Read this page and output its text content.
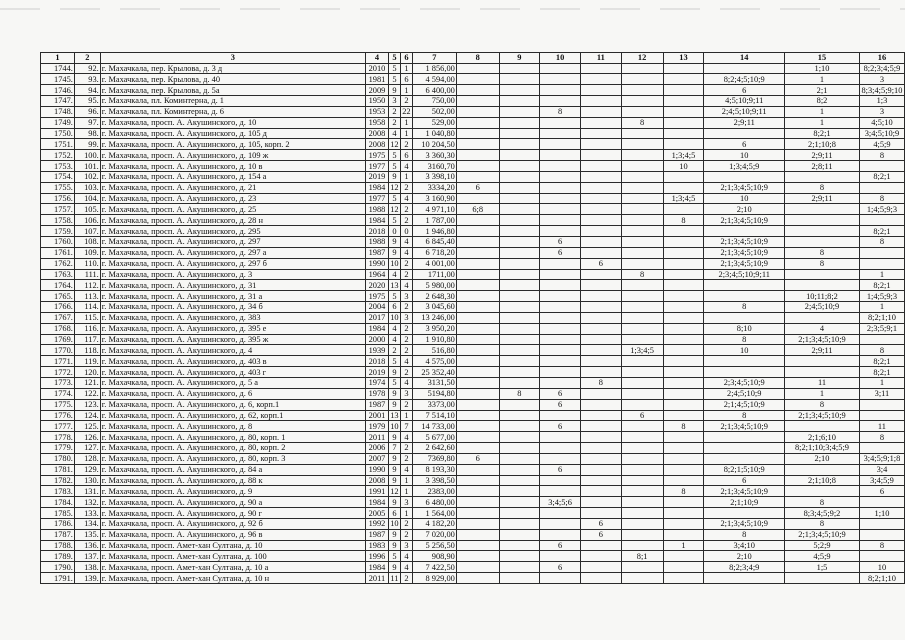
1	2	3	4	5	6	7	8	9	10	11	12	13	14	15	16
1744.	92.	г. Махачкала, пер. Крылова, д. 3 д	2010	5	1	1 856,00								1;10	8;2;3;4;5;9
1745.	93.	г. Махачкала, пер. Крылова, д. 40	1981	5	6	4 594,00							8;2;4;5;10;9	1	3
1746.	94.	г. Махачкала, пер. Крылова, д. 5а	2009	9	1	6 400,00							6	2;1	8;3;4;5;9;10
1747.	95.	г. Махачкала, пл. Коминтерна, д. 1	1950	3	2	750,00							4;5;10;9;11	8;2	1;3
1748.	96.	г. Махачкала, пл. Коминтерна, д. 6	1953	2	22	502,00			8				2;4;5;10;9;11	1	3
1749.	97.	г. Махачкала, просп. А. Акушинского, д. 10	1958	2	1	529,00					8		2;9;11	1	4;5;10
1750.	98.	г. Махачкала, просп. А. Акушинского, д. 105 д	2008	4	1	1 040,80								8;2;1	3;4;5;10;9
1751.	99.	г. Махачкала, просп. А. Акушинского, д. 105, корп. 2	2008	12	2	10 204,50							6	2;1;10;8	4;5;9
1752.	100.	г. Махачкала, просп. А. Акушинского, д. 109 ж	1975	5	6	3 360,30						1;3;4;5	10	2;9;11	8
1753.	101.	г. Махачкала, просп. А. Акушинского, д. 10 в	1977	5	4	3160,70						10	1;3;4;5;9	2;8;11	
1754.	102.	г. Махачкала, просп. А. Акушинского, д. 154 а	2019	9	1	3 398,10									8;2;1
1755.	103.	г. Махачкала, просп. А. Акушинского, д. 21	1984	12	2	3334,20	6						2;1;3;4;5;10;9	8	
1756.	104.	г. Махачкала, просп. А. Акушинского, д. 23	1977	5	4	3 160,90						1;3;4;5	10	2;9;11	8
1757.	105.	г. Махачкала, просп. А. Акушинского, д. 25	1988	12	2	4 971,10	6;8						2;10		1;4;5;9;3
1758.	106.	г. Махачкала, просп. А. Акушинского, д. 28 н	1984	5	2	1 787,00						8	2;1;3;4;5;10;9		
1759.	107.	г. Махачкала, просп. А. Акушинского, д. 295	2018	0	0	1 946,80									8;2;1
1760.	108.	г. Махачкала, просп. А. Акушинского, д. 297	1988	9	4	6 845,40			6				2;1;3;4;5;10;9		8
1761.	109.	г. Махачкала, просп. А. Акушинского, д. 297 а	1987	9	4	6 718,20			6				2;1;3;4;5;10;9	8	
1762.	110.	г. Махачкала, просп. А. Акушинского, д. 297 б	1990	10	2	4 001,00				6			2;1;3;4;5;10;9	8	
1763.	111.	г. Махачкала, просп. А. Акушинского, д. 3	1964	4	2	1711,00					8		2;3;4;5;10;9;11		1
1764.	112.	г. Махачкала, просп. А. Акушинского, д. 31	2020	13	4	5 980,00									8;2;1
1765.	113.	г. Махачкала, просп. А. Акушинского, д. 31 а	1975	5	3	2 648,30								10;11;8;2	1;4;5;9;3
1766.	114.	г. Махачкала, просп. А. Акушинского, д. 34 б	2004	6	2	3 045,60							8	2;4;5;10;9	1
1767.	115.	г. Махачкала, просп. А. Акушинского, д. 383	2017	10	3	13 246,00									8;2;1;10
1768.	116.	г. Махачкала, просп. А. Акушинского, д. 395 е	1984	4	2	3 950,20							8;10	4	2;3;5;9;1
1769.	117.	г. Махачкала, просп. А. Акушинского, д. 395 ж	2000	4	2	1 910,80							8	2;1;3;4;5;10;9	
1770.	118.	г. Махачкала, просп. А. Акушинского, д. 4	1939	2	2	516,80					1;3;4;5		10	2;9;11	8
1771.	119.	г. Махачкала, просп. А. Акушинского, д. 403 в	2018	5	4	4 575,00									8;2;1
1772.	120.	г. Махачкала, просп. А. Акушинского, д. 403 г	2019	9	2	25 352,40									8;2;1
1773.	121.	г. Махачкала, просп. А. Акушинского, д. 5 а	1974	5	4	3131,50				8			2;3;4;5;10;9	11	1
1774.	122.	г. Махачкала, просп. А. Акушинского, д. 6	1978	9	3	5194,80		8	6				2;4;5;10;9	1	3;11
1775.	123.	г. Махачкала, просп. А. Акушинского, д. 6, корп.1	1987	9	2	3373,00			6				2;1;4;5;10;9	8	
1776.	124.	г. Махачкала, просп. А. Акушинского, д. 62, корп.1	2001	13	1	7 514,10					6		8	2;1;3;4;5;10;9	
1777.	125.	г. Махачкала, просп. А. Акушинского, д. 8	1979	10	7	14 733,00			6			8	2;1;3;4;5;10;9		11
1778.	126.	г. Махачкала, просп. А. Акушинского, д. 80, корп. 1	2011	9	4	5 677,00								2;1;6;10	8
1779.	127.	г. Махачкала, просп. А. Акушинского, д. 80, корп. 2	2006	7	2	2 642,60								8;2;1;10;3;4;5;9	
1780.	128.	г. Махачкала, просп. А. Акушинского, д. 80, корп. 3	2007	9	2	7369,80	6							2;10	3;4;5;9;1;8
1781.	129.	г. Махачкала, просп. А. Акушинского, д. 84 а	1990	9	4	8 193,30			6				8;2;1;5;10;9		3;4
1782.	130.	г. Махачкала, просп. А. Акушинского, д. 88 к	2008	9	1	3 398,50							6	2;1;10;8	3;4;5;9
1783.	131.	г. Махачкала, просп. А. Акушинского, д. 9	1991	12	1	2383,00						8	2;1;3;4;5;10;9		6
1784.	132.	г. Махачкала, просп. А. Акушинского, д. 90 а	1984	9	3	6 480,00			3;4;5;6				2;1;10;9	8	
1785.	133.	г. Махачкала, просп. А. Акушинского, д. 90 г	2005	6	1	1 564,00								8;3;4;5;9;2	1;10
1786.	134.	г. Махачкала, просп. А. Акушинского, д. 92 б	1992	10	2	4 182,20				6			2;1;3;4;5;10;9	8	
1787.	135.	г. Махачкала, просп. А. Акушинского, д. 96 в	1987	9	2	7 020,00				6			8	2;1;3;4;5;10;9	
1788.	136.	г. Махачкала, просп. Амет-хан Султана, д. 10	1983	9	3	5 256,50			6			1	3;4;10	5;2;9	8
1789.	137.	г. Махачкала, просп. Амет-хан Султана, д. 100	1996	5	4	908,90					8;1		2;10	4;5;9	
1790.	138.	г. Махачкала, просп. Амет-хан Султана, д. 10 а	1984	9	4	7 422,50			6				8;2;3;4;9	1;5	10
1791.	139.	г. Махачкала, просп. Амет-хан Султана, д. 10 н	2011	11	2	8 929,00									8;2;1;10
